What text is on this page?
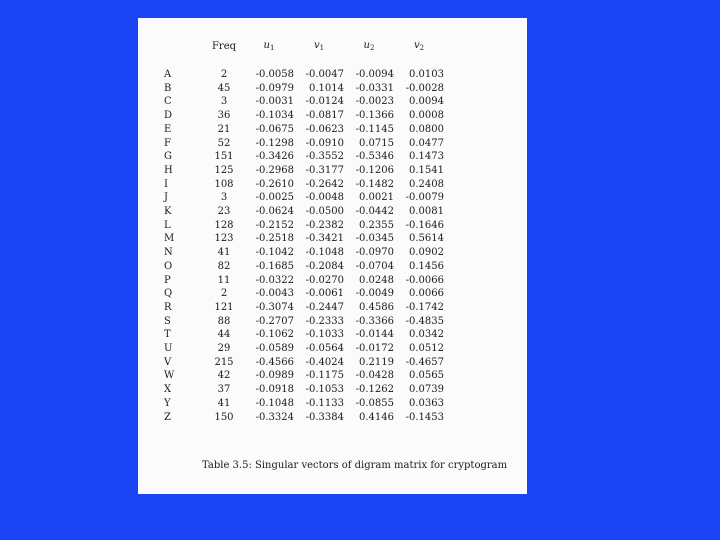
	Freq	$u_1$	$v_1$	$u_2$	$v_2$

A	2	-0.0058	-0.0047	-0.0094	0.0103
B	45	-0.0979	0.1014	-0.0331	-0.0028
C	3	-0.0031	-0.0124	-0.0023	0.0094
D	36	-0.1034	-0.0817	-0.1366	0.0008
E	21	-0.0675	-0.0623	-0.1145	0.0800
F	52	-0.1298	-0.0910	0.0715	0.0477
G	151	-0.3426	-0.3552	-0.5346	0.1473
H	125	-0.2968	-0.3177	-0.1206	0.1541
I	108	-0.2610	-0.2642	-0.1482	0.2408
J	3	-0.0025	-0.0048	0.0021	-0.0079
K	23	-0.0624	-0.0500	-0.0442	0.0081
L	128	-0.2152	-0.2382	0.2355	-0.1646
M	123	-0.2518	-0.3421	-0.0345	0.5614
N	41	-0.1042	-0.1048	-0.0970	0.0902
O	82	-0.1685	-0.2084	-0.0704	0.1456
P	11	-0.0322	-0.0270	0.0248	-0.0066
Q	2	-0.0043	-0.0061	-0.0049	0.0066
R	121	-0.3074	-0.2447	0.4586	-0.1742
S	88	-0.2707	-0.2333	-0.3366	-0.4835
T	44	-0.1062	-0.1033	-0.0144	0.0342
U	29	-0.0589	-0.0564	-0.0172	0.0512
V	215	-0.4566	-0.4024	0.2119	-0.4657
W	42	-0.0989	-0.1175	-0.0428	0.0565
X	37	-0.0918	-0.1053	-0.1262	0.0739
Y	41	-0.1048	-0.1133	-0.0855	0.0363
Z	150	-0.3324	-0.3384	0.4146	-0.1453
Table 3.5: Singular vectors of digram matrix for cryptogram
